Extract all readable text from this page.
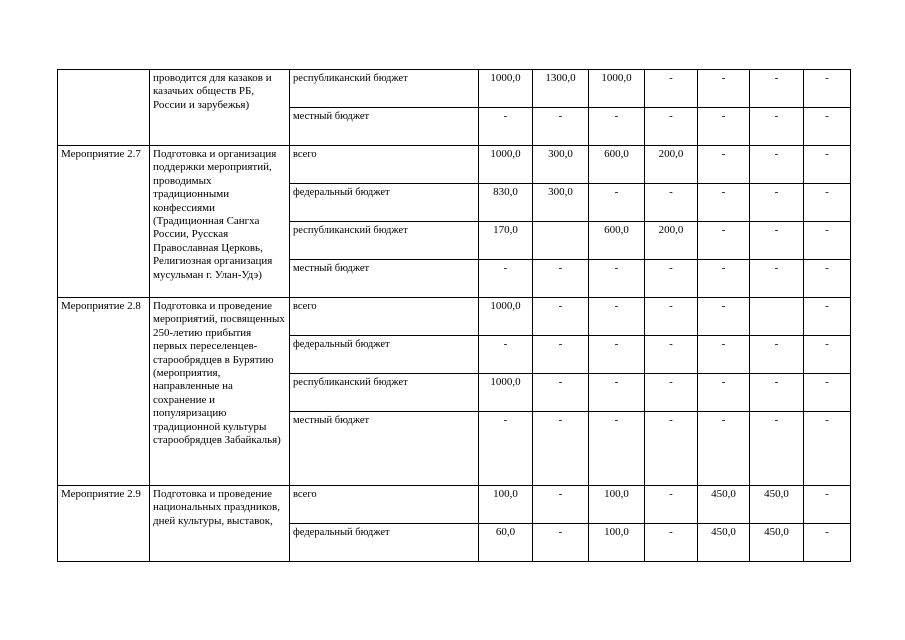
	проводится для казаков и казачьих обществ РБ, России и зарубежья)	республиканский бюджет	1000,0	1300,0	1000,0	-	-	-	-
		местный бюджет	-	-	-	-	-	-	-
Мероприятие 2.7	Подготовка и организация поддержки мероприятий, проводимых традиционными конфессиями (Традиционная Сангха России, Русская Православная Церковь, Религиозная организация мусульман г. Улан-Удэ)	всего	1000,0	300,0	600,0	200,0	-	-	-
		федеральный бюджет	830,0	300,0	-	-	-	-	-
		республиканский бюджет	170,0		600,0	200,0	-	-	-
		местный бюджет	-	-	-	-	-	-	-
Мероприятие 2.8	Подготовка и проведение мероприятий, посвященных 250-летию прибытия первых переселенцев-старообрядцев в Бурятию (мероприятия, направленные на сохранение и популяризацию традиционной культуры старообрядцев Забайкалья)	всего	1000,0	-	-	-	-		-
		федеральный бюджет	-	-	-	-	-	-	-
		республиканский бюджет	1000,0	-	-	-	-	-	-
		местный бюджет	-	-	-	-	-	-	-
Мероприятие 2.9	Подготовка и проведение национальных праздников, дней культуры, выставок,	всего	100,0	-	100,0	-	450,0	450,0	-
		федеральный бюджет	60,0	-	100,0	-	450,0	450,0	-
